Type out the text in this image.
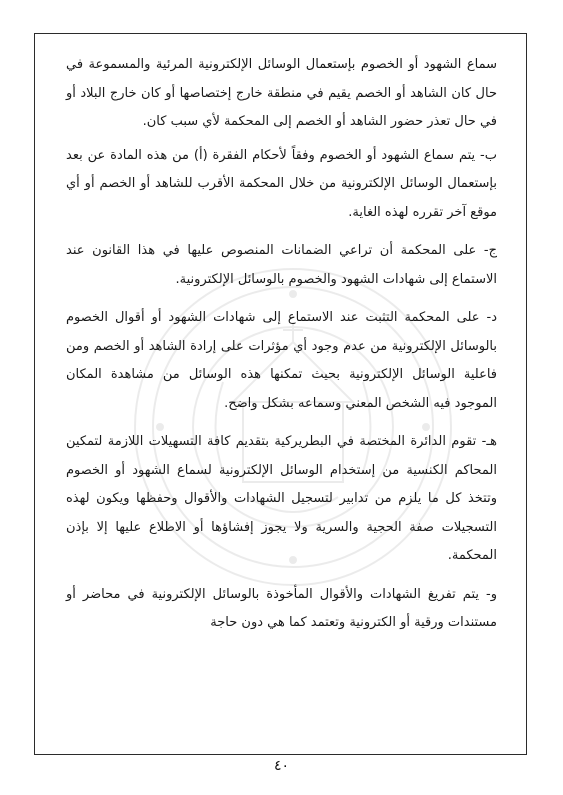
سماع الشهود أو الخصوم بإستعمال الوسائل الإلكترونية المرئية والمسموعة في حال كان الشاهد أو الخصم يقيم في منطقة خارج إختصاصها أو كان خارج البلاد أو في حال تعذر حضور الشاهد أو الخصم إلى المحكمة لأي سبب كان.

ب- يتم سماع الشهود أو الخصوم وفقاً لأحكام الفقرة (أ) من هذه المادة عن بعد بإستعمال الوسائل الإلكترونية من خلال المحكمة الأقرب للشاهد أو الخصم أو أي موقع آخر تقرره لهذه الغاية.

ج- على المحكمة أن تراعي الضمانات المنصوص عليها في هذا القانون عند الاستماع إلى شهادات الشهود والخصوم بالوسائل الإلكترونية.

د- على المحكمة التثبت عند الاستماع إلى شهادات الشهود أو أقوال الخصوم بالوسائل الإلكترونية من عدم وجود أي مؤثرات على إرادة الشاهد أو الخصم ومن فاعلية الوسائل الإلكترونية بحيث تمكنها هذه الوسائل من مشاهدة المكان الموجود فيه الشخص المعني وسماعه بشكل واضح.

هـ- تقوم الدائرة المختصة في البطريركية بتقديم كافة التسهيلات اللازمة لتمكين المحاكم الكنسية من إستخدام الوسائل الإلكترونية لسماع الشهود أو الخصوم وتتخذ كل ما يلزم من تدابير لتسجيل الشهادات والأقوال وحفظها ويكون لهذه التسجيلات صفة الحجية والسرية ولا يجوز إفشاؤها أو الاطلاع عليها إلا بإذن المحكمة.

و- يتم تفريغ الشهادات والأقوال المأخوذة بالوسائل الإلكترونية في محاضر أو مستندات ورقية أو الكترونية وتعتمد كما هي دون حاجة

٤٠
